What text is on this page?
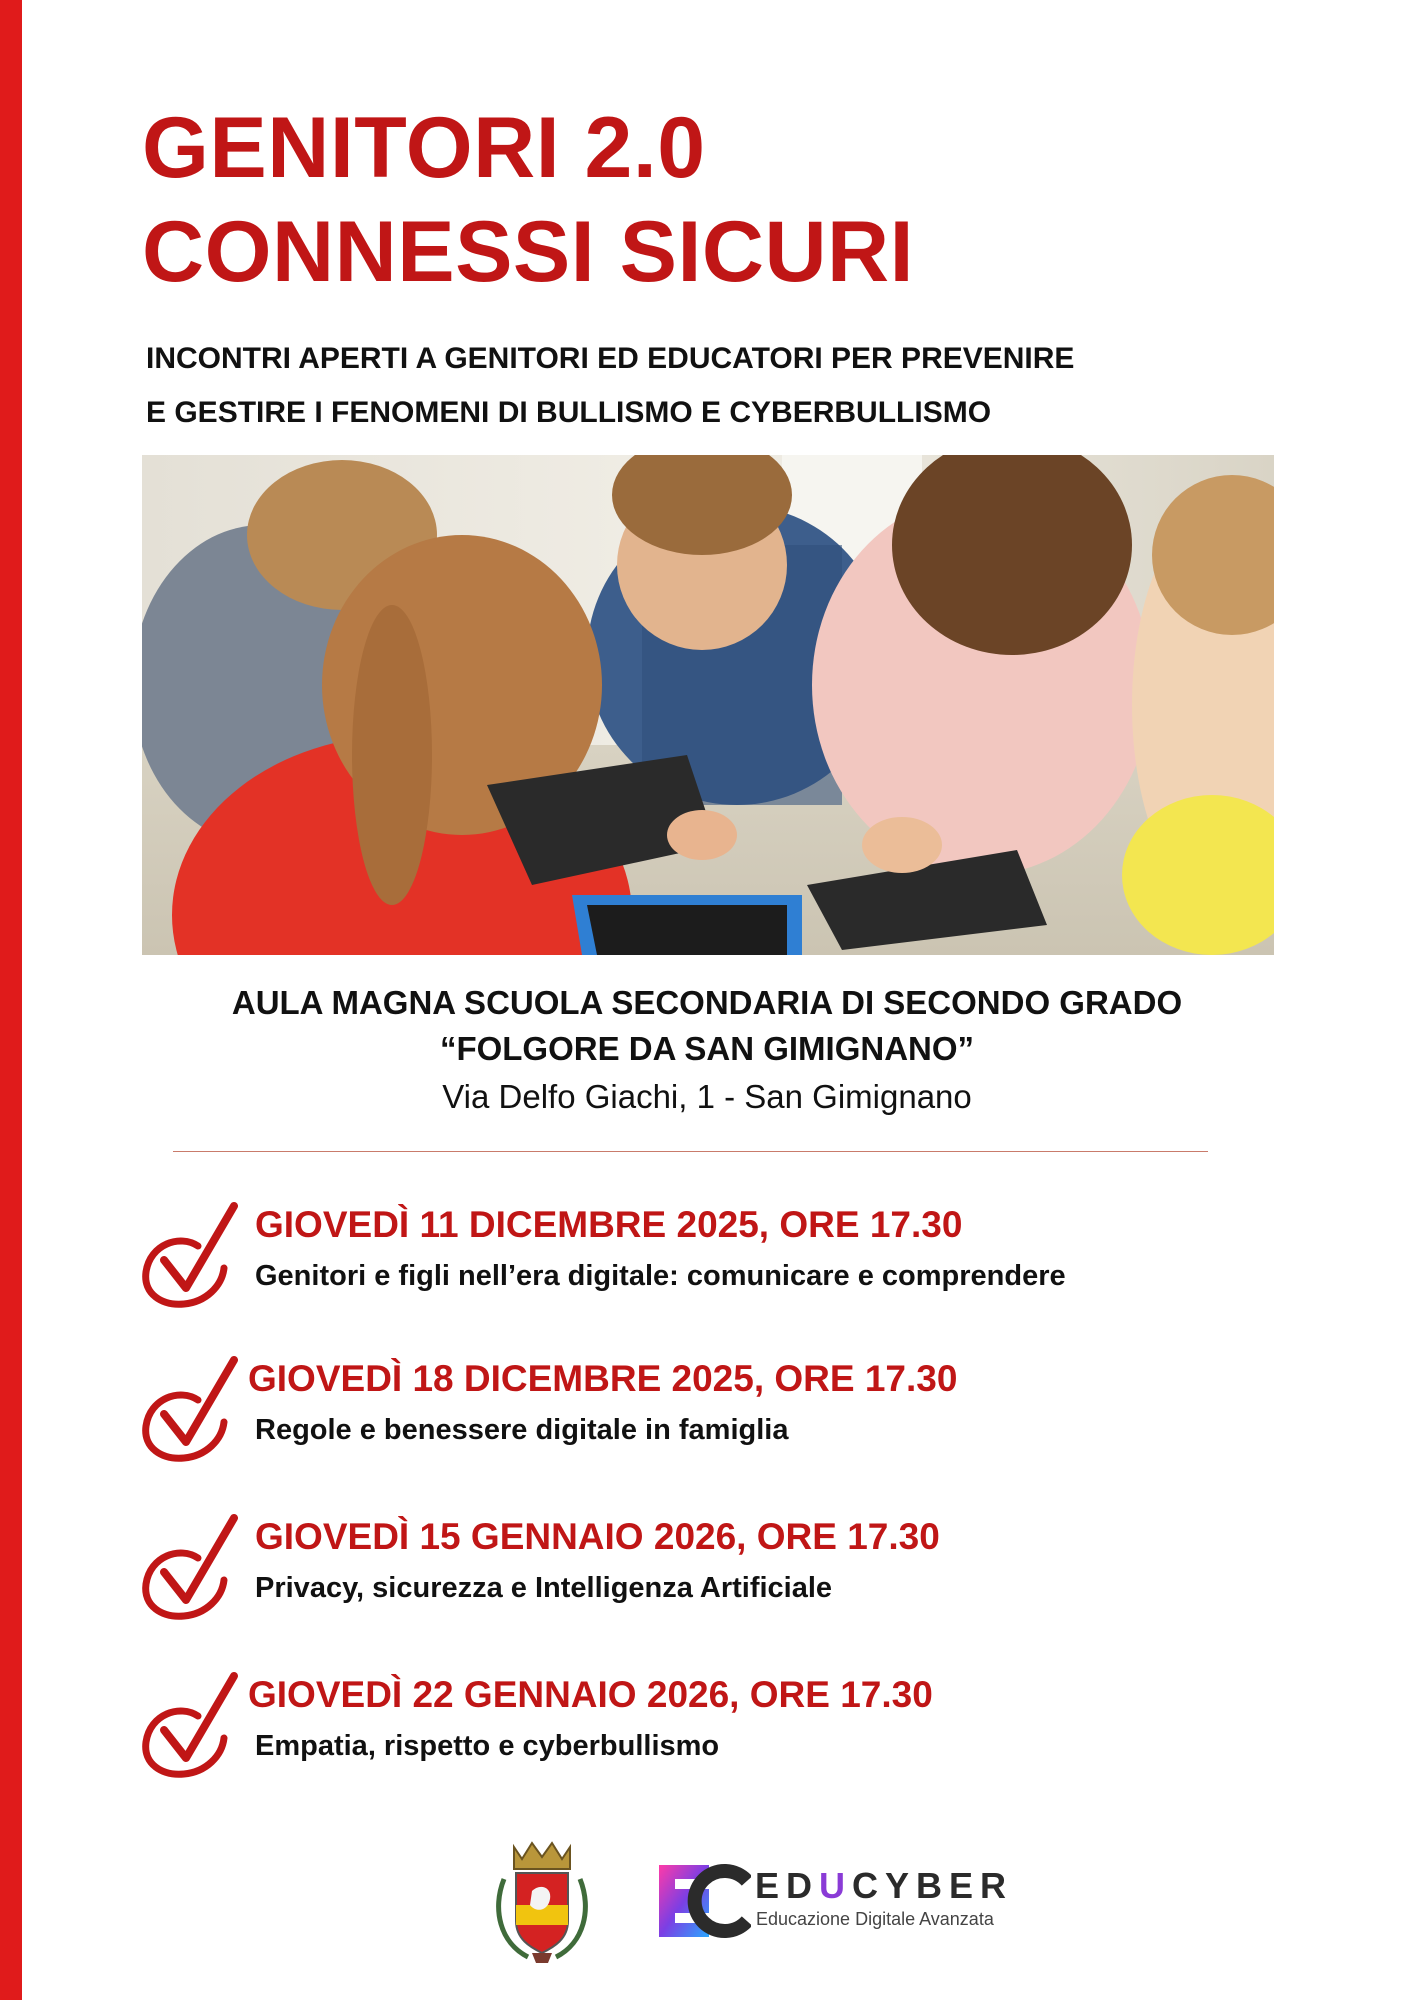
GENITORI 2.0
CONNESSI SICURI
INCONTRI APERTI A GENITORI ED EDUCATORI PER PREVENIRE
E GESTIRE I FENOMENI DI BULLISMO E CYBERBULLISMO
AULA MAGNA SCUOLA SECONDARIA DI SECONDO GRADO
“FOLGORE DA SAN GIMIGNANO”
Via Delfo Giachi, 1 - San Gimignano
GIOVEDÌ 11 DICEMBRE 2025, ORE 17.30
Genitori e figli nell’era digitale: comunicare e comprendere
GIOVEDÌ 18 DICEMBRE 2025, ORE 17.30
Regole e benessere digitale in famiglia
GIOVEDÌ 15 GENNAIO 2026, ORE 17.30
Privacy, sicurezza e Intelligenza Artificiale
GIOVEDÌ 22 GENNAIO 2026, ORE 17.30
Empatia, rispetto e cyberbullismo
EDUCYBER
Educazione Digitale Avanzata
